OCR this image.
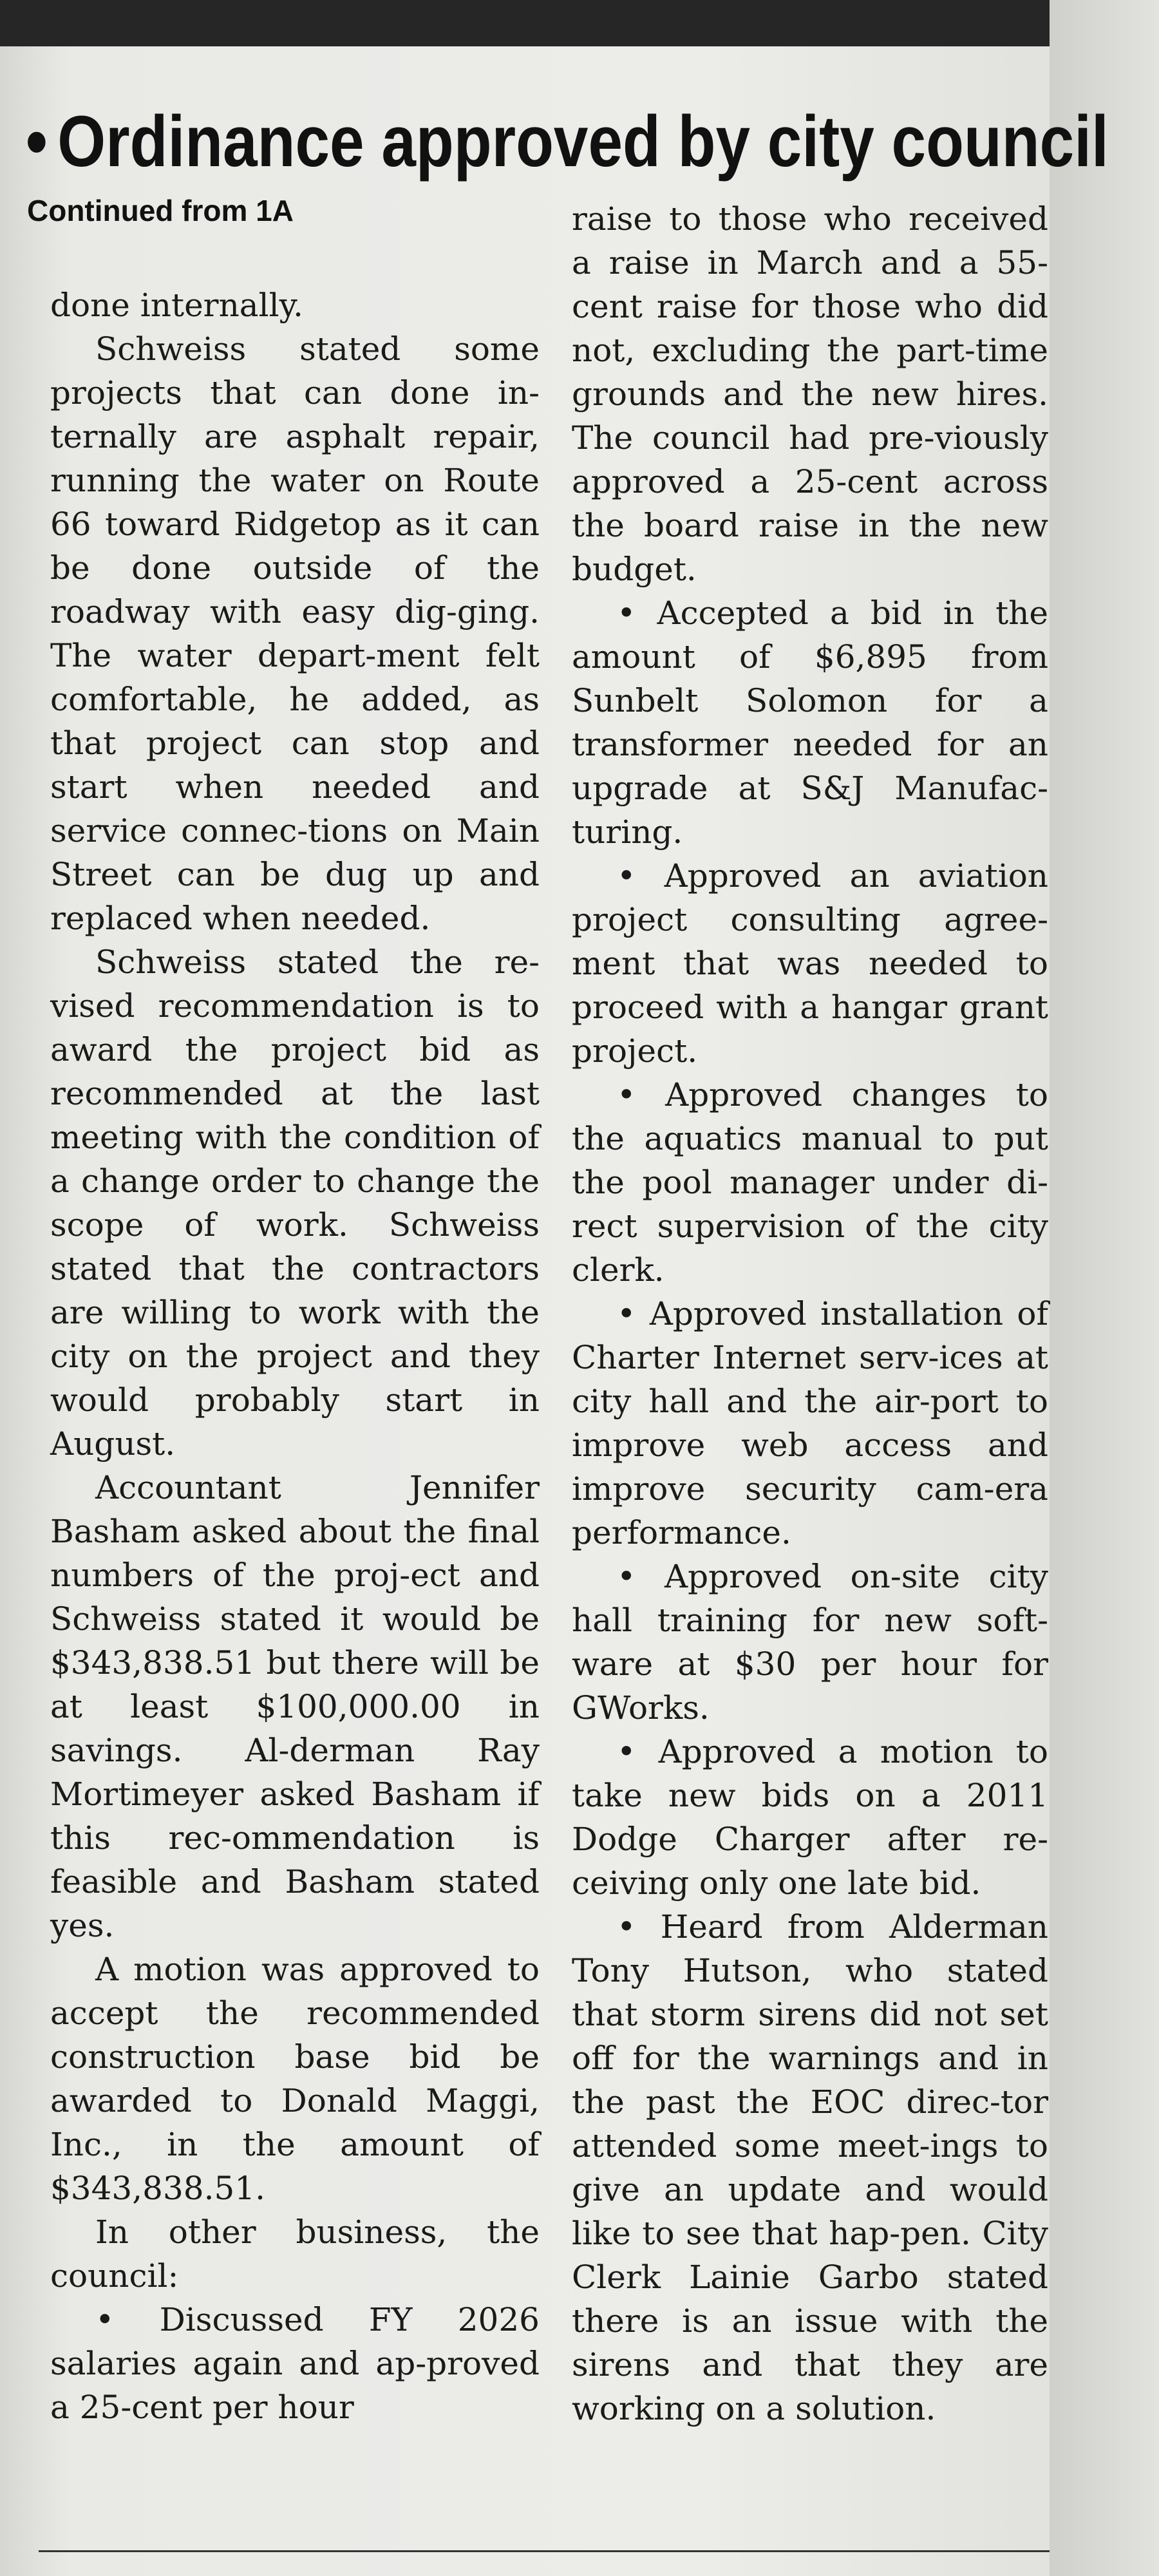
• Ordinance approved by city council
Continued from 1A

done internally.

Schweiss stated some projects that can done in-ternally are asphalt repair, running the water on Route 66 toward Ridgetop as it can be done outside of the roadway with easy dig-ging. The water depart-ment felt comfortable, he added, as that project can stop and start when needed and service connec-tions on Main Street can be dug up and replaced when needed.

Schweiss stated the re-vised recommendation is to award the project bid as recommended at the last meeting with the condition of a change order to change the scope of work. Schweiss stated that the contractors are willing to work with the city on the project and they would probably start in August.

Accountant Jennifer Basham asked about the final numbers of the proj-ect and Schweiss stated it would be $343,838.51 but there will be at least $100,000.00 in savings. Al-derman Ray Mortimeyer asked Basham if this rec-ommendation is feasible and Basham stated yes.

A motion was approved to accept the recommended construction base bid be awarded to Donald Maggi, Inc., in the amount of $343,838.51.

In other business, the council:

• Discussed FY 2026 salaries again and ap-proved a 25-cent per hour

raise to those who received a raise in March and a 55-cent raise for those who did not, excluding the part-time grounds and the new hires. The council had pre-viously approved a 25-cent across the board raise in the new budget.

• Accepted a bid in the amount of $6,895 from Sunbelt Solomon for a transformer needed for an upgrade at S&J Manufac-turing.

• Approved an aviation project consulting agree-ment that was needed to proceed with a hangar grant project.

• Approved changes to the aquatics manual to put the pool manager under di-rect supervision of the city clerk.

• Approved installation of Charter Internet serv-ices at city hall and the air-port to improve web access and improve security cam-era performance.

• Approved on-site city hall training for new soft-ware at $30 per hour for GWorks.

• Approved a motion to take new bids on a 2011 Dodge Charger after re-ceiving only one late bid.

• Heard from Alderman Tony Hutson, who stated that storm sirens did not set off for the warnings and in the past the EOC direc-tor attended some meet-ings to give an update and would like to see that hap-pen. City Clerk Lainie Garbo stated there is an issue with the sirens and that they are working on a solution.
